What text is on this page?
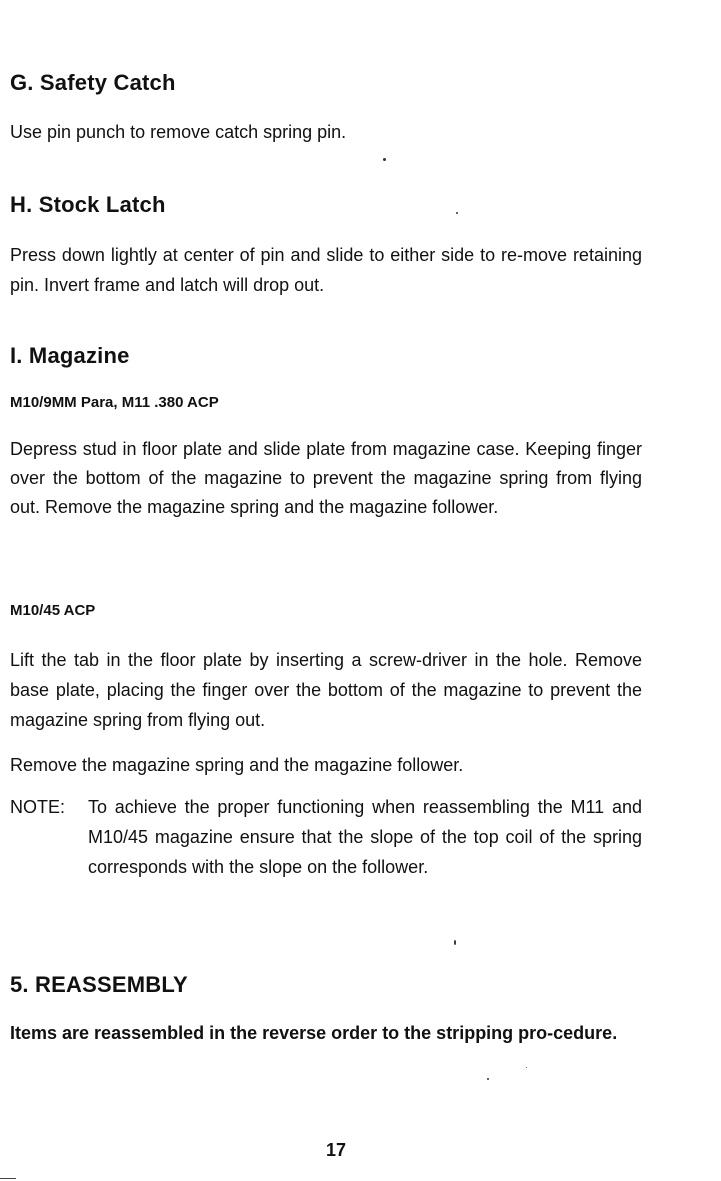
G. Safety Catch
Use pin punch to remove catch spring pin.
H. Stock Latch
Press down lightly at center of pin and slide to either side to re-move retaining pin. Invert frame and latch will drop out.
I. Magazine
M10/9MM Para, M11 .380 ACP
Depress stud in floor plate and slide plate from magazine case. Keeping finger over the bottom of the magazine to prevent the magazine spring from flying out. Remove the magazine spring and the magazine follower.
M10/45 ACP
Lift the tab in the floor plate by inserting a screw-driver in the hole. Remove base plate, placing the finger over the bottom of the magazine to prevent the magazine spring from flying out.
Remove the magazine spring and the magazine follower.
NOTE: To achieve the proper functioning when reassembling the M11 and M10/45 magazine ensure that the slope of the top coil of the spring corresponds with the slope on the follower.
5. REASSEMBLY
Items are reassembled in the reverse order to the stripping pro-cedure.
17
